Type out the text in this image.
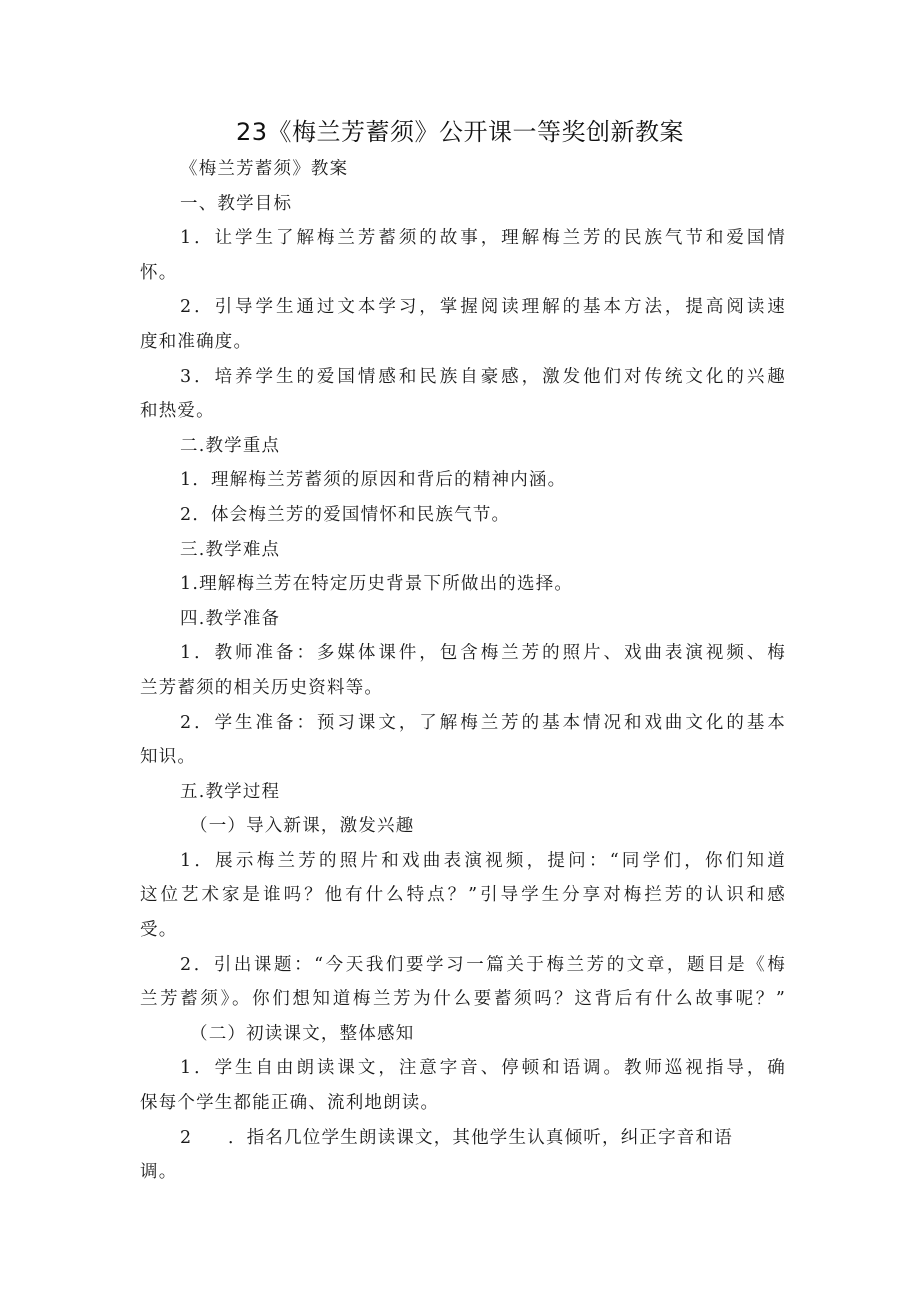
23《梅兰芳蓄须》公开课一等奖创新教案
《梅兰芳蓄须》教案
一、教学目标
1．让学生了解梅兰芳蓄须的故事，理解梅兰芳的民族气节和爱国情
怀。
2．引导学生通过文本学习，掌握阅读理解的基本方法，提高阅读速
度和准确度。
3．培养学生的爱国情感和民族自豪感，激发他们对传统文化的兴趣
和热爱。
二.教学重点
1．理解梅兰芳蓄须的原因和背后的精神内涵。
2．体会梅兰芳的爱国情怀和民族气节。
三.教学难点
1.理解梅兰芳在特定历史背景下所做出的选择。
四.教学准备
1．教师准备：多媒体课件，包含梅兰芳的照片、戏曲表演视频、梅
兰芳蓄须的相关历史资料等。
2．学生准备：预习课文，了解梅兰芳的基本情况和戏曲文化的基本
知识。
五.教学过程
（一）导入新课，激发兴趣
1．展示梅兰芳的照片和戏曲表演视频，提问：“同学们，你们知道
这位艺术家是谁吗？他有什么特点？”引导学生分享对梅拦芳的认识和感
受。
2．引出课题：“今天我们要学习一篇关于梅兰芳的文章，题目是《梅
兰芳蓄须》。你们想知道梅兰芳为什么要蓄须吗？这背后有什么故事呢？”
（二）初读课文，整体感知
1．学生自由朗读课文，注意字音、停顿和语调。教师巡视指导，确
保每个学生都能正确、流利地朗读。
2 ．指名几位学生朗读课文，其他学生认真倾听，纠正字音和语
调。
